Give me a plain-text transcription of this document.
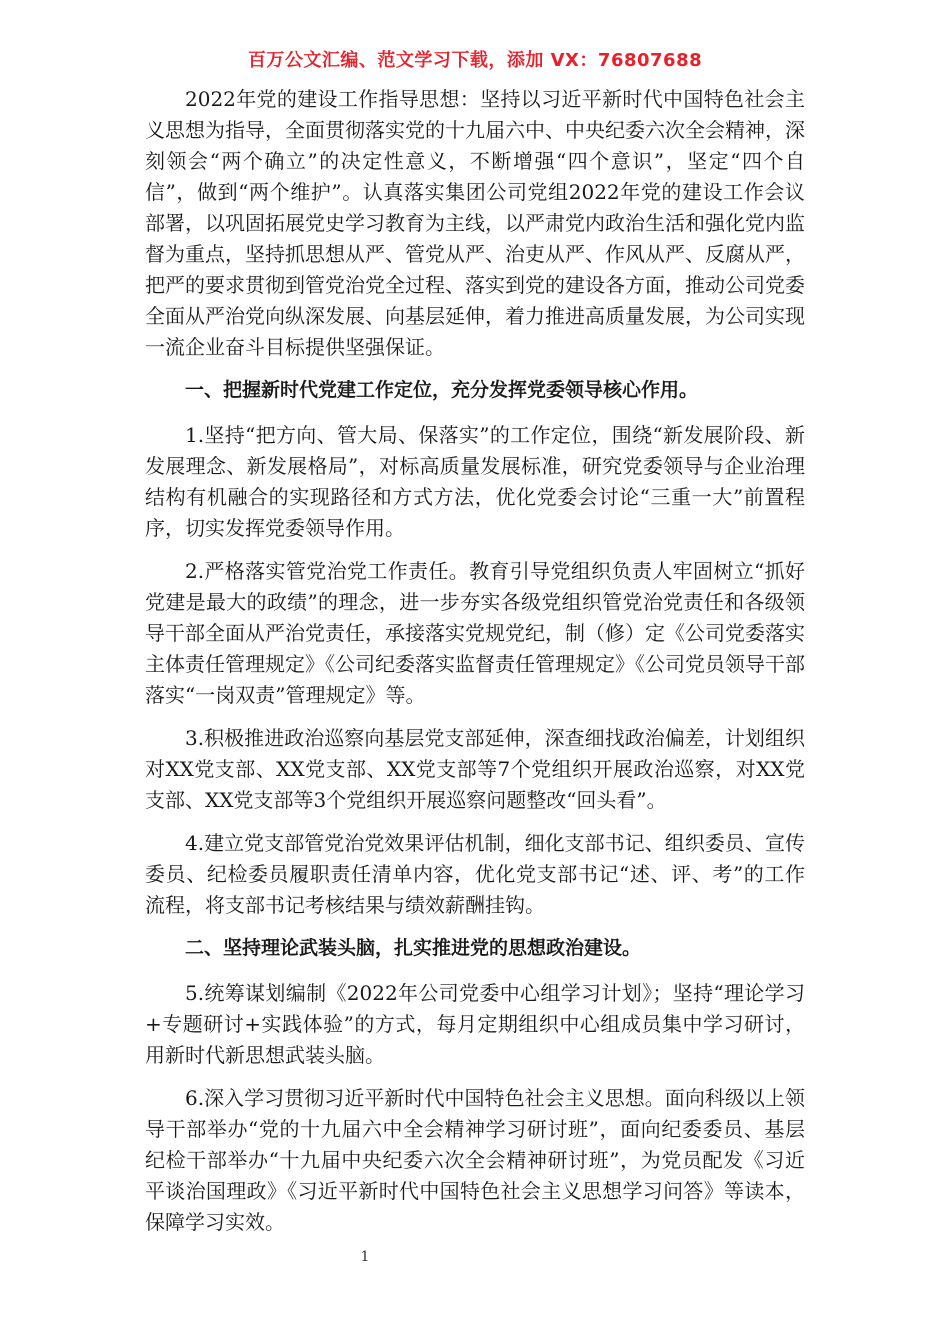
百万公文汇编、范文学习下载，添加 VX：76807688

2022年党的建设工作指导思想：坚持以习近平新时代中国特色社会主义思想为指导，全面贯彻落实党的十九届六中、中央纪委六次全会精神，深刻领会“两个确立”的决定性意义，不断增强“四个意识”，坚定“四个自信”，做到“两个维护”。认真落实集团公司党组2022年党的建设工作会议部署，以巩固拓展党史学习教育为主线，以严肃党内政治生活和强化党内监督为重点，坚持抓思想从严、管党从严、治吏从严、作风从严、反腐从严，把严的要求贯彻到管党治党全过程、落实到党的建设各方面，推动公司党委全面从严治党向纵深发展、向基层延伸，着力推进高质量发展，为公司实现一流企业奋斗目标提供坚强保证。

一、把握新时代党建工作定位，充分发挥党委领导核心作用。

1.坚持“把方向、管大局、保落实”的工作定位，围绕“新发展阶段、新发展理念、新发展格局”，对标高质量发展标准，研究党委领导与企业治理结构有机融合的实现路径和方式方法，优化党委会讨论“三重一大”前置程序，切实发挥党委领导作用。

2.严格落实管党治党工作责任。教育引导党组织负责人牢固树立“抓好党建是最大的政绩”的理念，进一步夯实各级党组织管党治党责任和各级领导干部全面从严治党责任，承接落实党规党纪，制（修）定《公司党委落实主体责任管理规定》《公司纪委落实监督责任管理规定》《公司党员领导干部落实“一岗双责”管理规定》等。

3.积极推进政治巡察向基层党支部延伸，深查细找政治偏差，计划组织对XX党支部、XX党支部、XX党支部等7个党组织开展政治巡察，对XX党支部、XX党支部等3个党组织开展巡察问题整改“回头看”。

4.建立党支部管党治党效果评估机制，细化支部书记、组织委员、宣传委员、纪检委员履职责任清单内容，优化党支部书记“述、评、考”的工作流程，将支部书记考核结果与绩效薪酬挂钩。

二、坚持理论武装头脑，扎实推进党的思想政治建设。

5.统筹谋划编制《2022年公司党委中心组学习计划》；坚持“理论学习+专题研讨+实践体验”的方式，每月定期组织中心组成员集中学习研讨，用新时代新思想武装头脑。

6.深入学习贯彻习近平新时代中国特色社会主义思想。面向科级以上领导干部举办“党的十九届六中全会精神学习研讨班”，面向纪委委员、基层纪检干部举办“十九届中央纪委六次全会精神研讨班”，为党员配发《习近平谈治国理政》《习近平新时代中国特色社会主义思想学习问答》等读本，保障学习实效。

1
